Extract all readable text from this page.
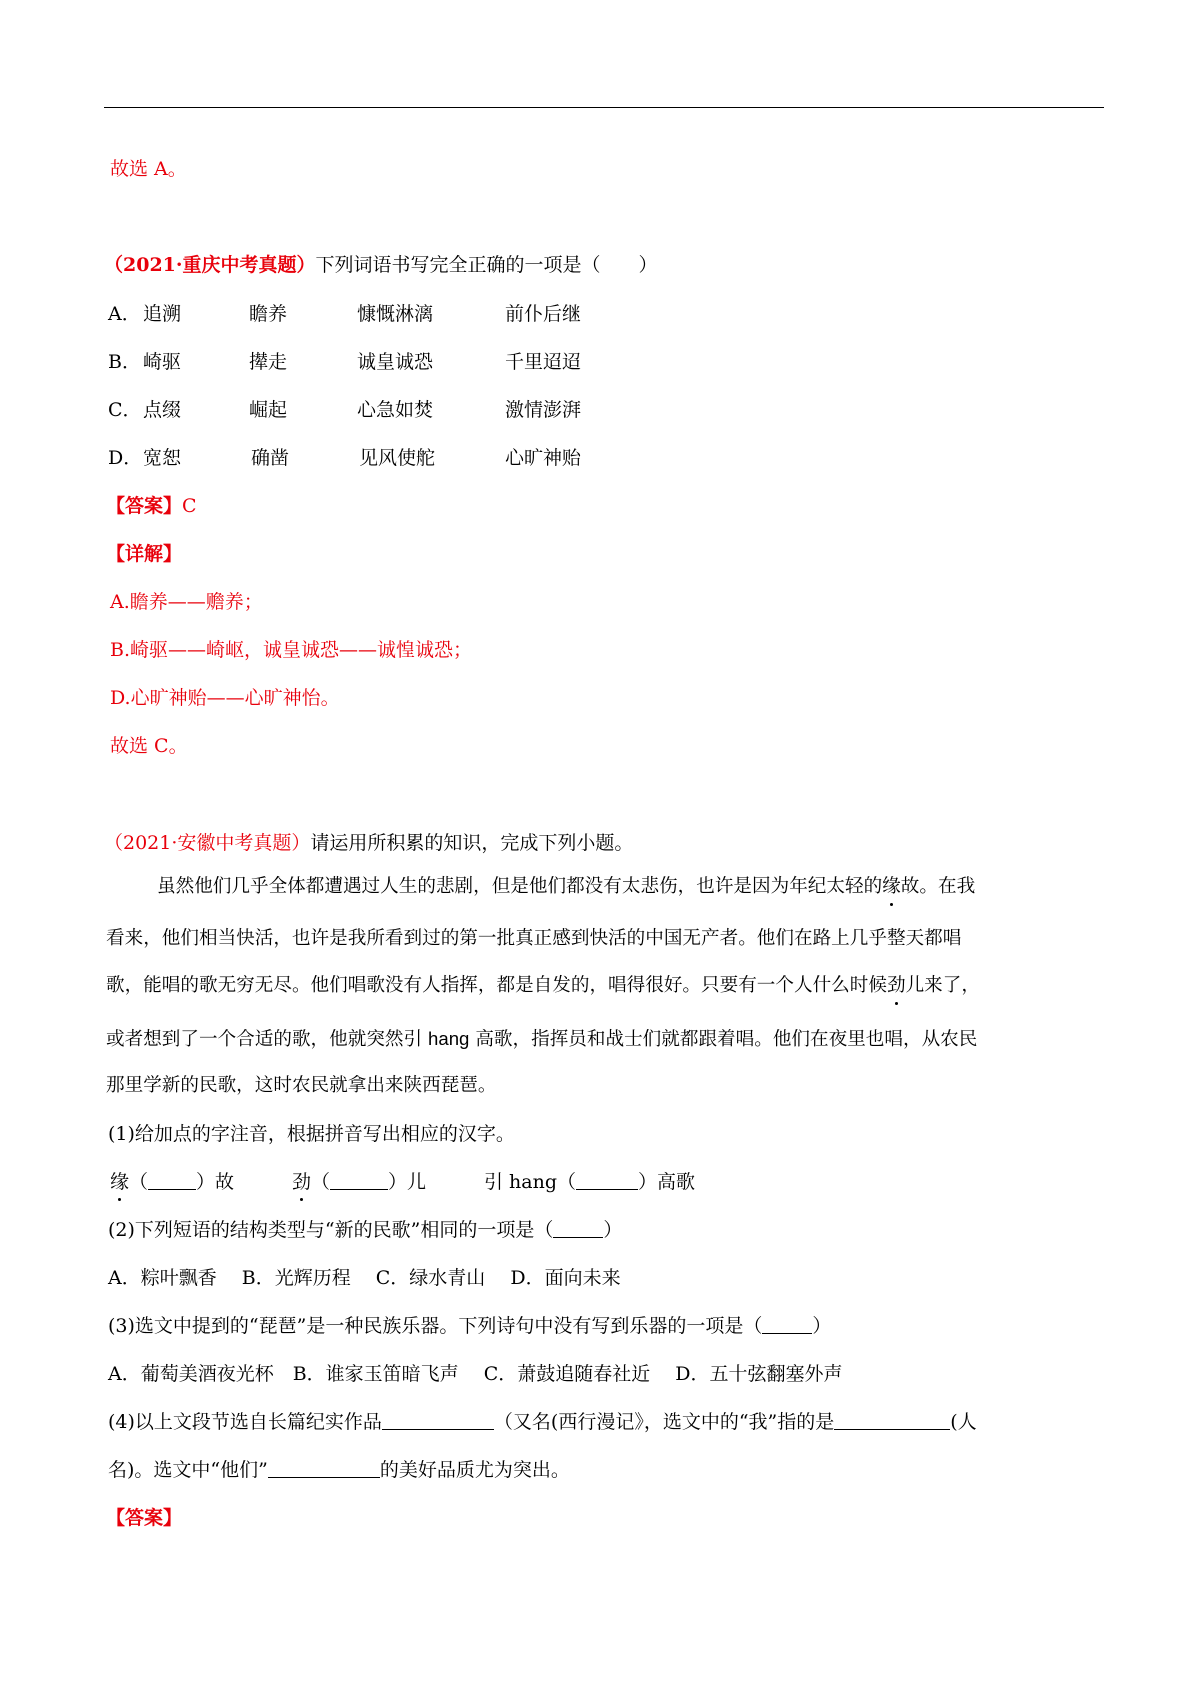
故选 A。
（2021·重庆中考真题）下列词语书写完全正确的一项是（　　）
A． 追溯	瞻养	慷慨淋漓	前仆后继
B． 崎驱	撵走	诚皇诚恐	千里迢迢
C． 点缀	崛起	心急如焚	激情澎湃
D． 宽恕	确凿	见风使舵	心旷神贻
【答案】C
【详解】
A.瞻养——赡养；
B.崎驱——崎岖，诚皇诚恐——诚惶诚恐；
D.心旷神贻——心旷神怡。
故选 C。
（2021·安徽中考真题）请运用所积累的知识，完成下列小题。
虽然他们几乎全体都遭遇过人生的悲剧，但是他们都没有太悲伤，也许是因为年纪太轻的缘故。在我
看来，他们相当快活，也许是我所看到过的第一批真正感到快活的中国无产者。他们在路上几乎整天都唱
歌，能唱的歌无穷无尽。他们唱歌没有人指挥，都是自发的，唱得很好。只要有一个人什么时候劲儿来了，
或者想到了一个合适的歌，他就突然引 hang 高歌，指挥员和战士们就都跟着唱。他们在夜里也唱，从农民
那里学新的民歌，这时农民就拿出来陕西琵琶。
(1)给加点的字注音，根据拼音写出相应的汉字。
缘（	）故	劲（	）儿	引 hang（	）高歌
(2)下列短语的结构类型与“新的民歌”相同的一项是（	）
A．粽叶飘香　 B．光辉历程　 C．绿水青山　 D．面向未来
(3)选文中提到的“琵琶”是一种民族乐器。下列诗句中没有写到乐器的一项是（	）
A．葡萄美酒夜光杯　B．谁家玉笛暗飞声　 C．萧鼓追随春社近　 D．五十弦翻塞外声
(4)以上文段节选自长篇纪实作品	（又名(西行漫记》，选文中的“我”指的是	(人
名)。选文中“他们”	的美好品质尤为突出。
【答案】
